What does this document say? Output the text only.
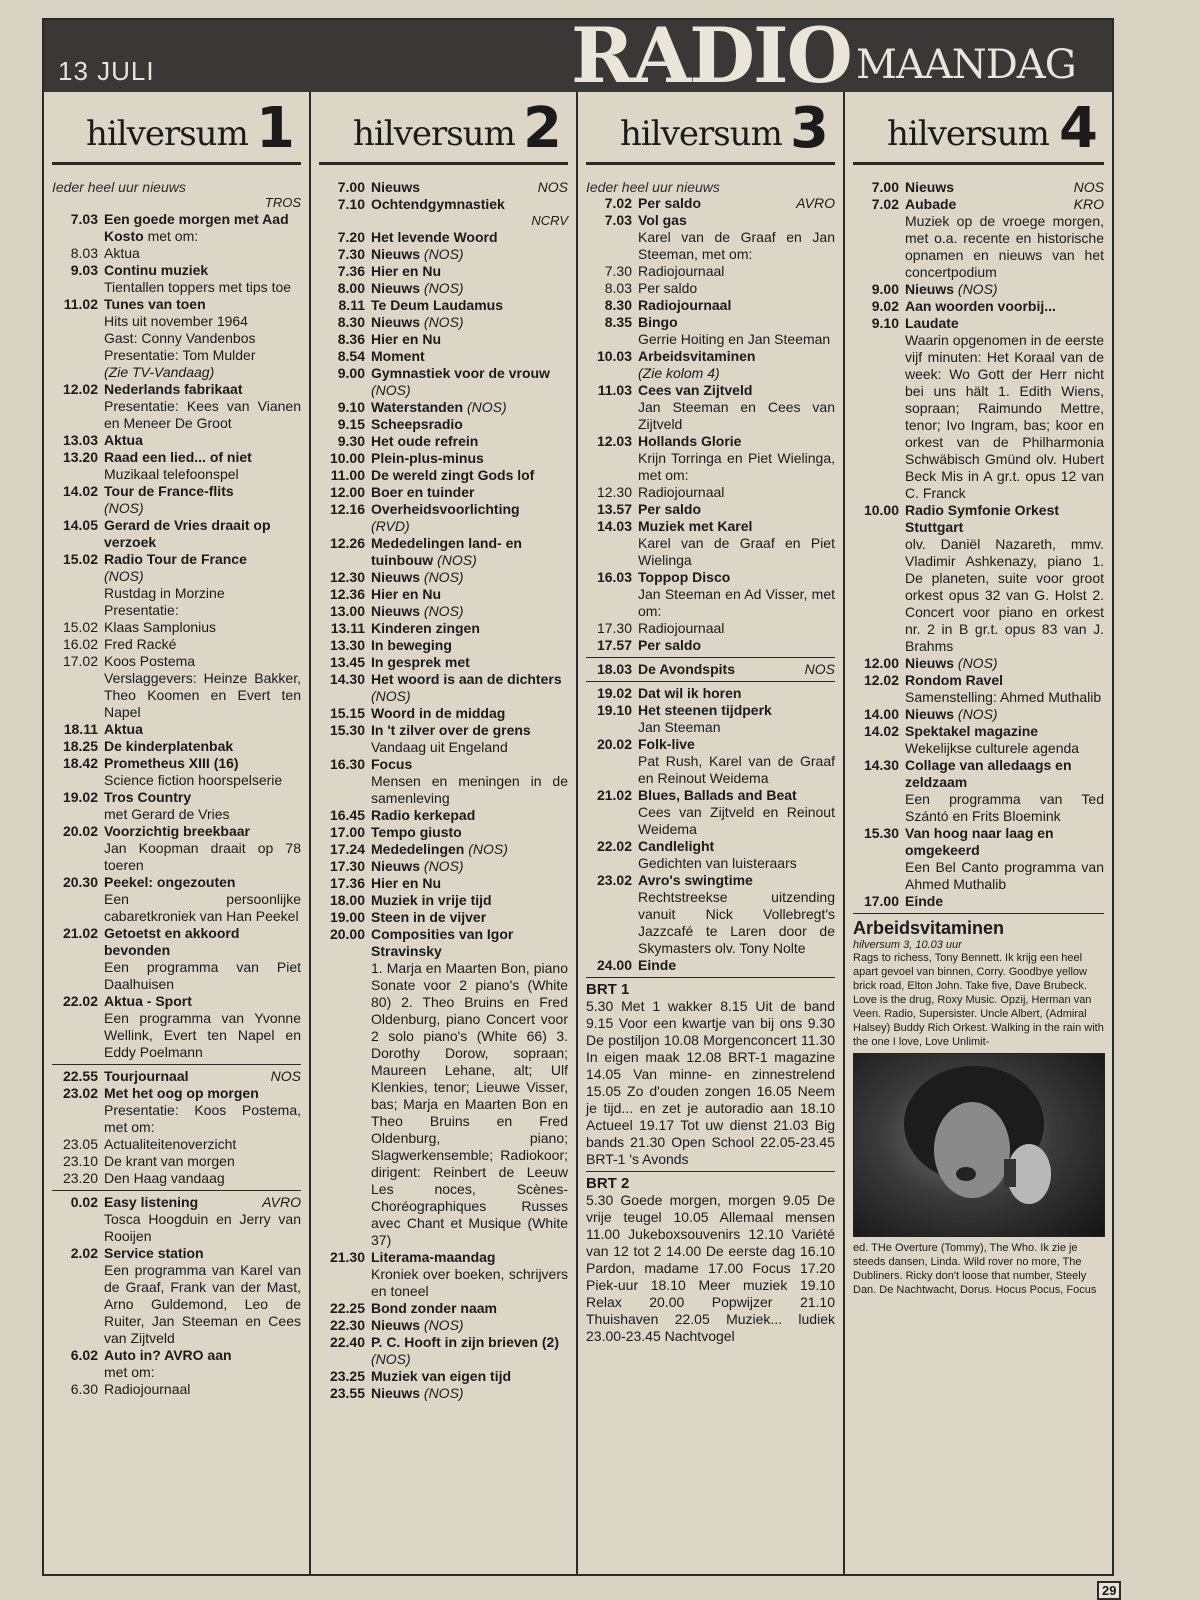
13 JULI	RADIO MAANDAG
hilversum 1
Ieder heel uur nieuws
TROS
7.03 Een goede morgen met Aad Kosto met om:
8.03 Aktua
9.03 Continu muziek
Tientallen toppers met tips toe
11.02 Tunes van toen
Hits uit november 1964
Gast: Conny Vandenbos
Presentatie: Tom Mulder
(Zie TV-Vandaag)
12.02 Nederlands fabrikaat
Presentatie: Kees van Vianen en Meneer De Groot
13.03 Aktua
13.20 Raad een lied... of niet
Muzikaal telefoonspel
14.02 Tour de France-flits
(NOS)
14.05 Gerard de Vries draait op verzoek
15.02 Radio Tour de France
(NOS)
Rustdag in Morzine
Presentatie:
15.02 Klaas Samplonius
16.02 Fred Racké
17.02 Koos Postema
Verslaggevers: Heinze Bakker, Theo Koomen en Evert ten Napel
18.11 Aktua
18.25 De kinderplatenbak
18.42 Prometheus XIII (16)
Science fiction hoorspelserie
19.02 Tros Country
met Gerard de Vries
20.02 Voorzichtig breekbaar
Jan Koopman draait op 78 toeren
20.30 Peekel: ongezouten
Een persoonlijke cabaretkroniek van Han Peekel
21.02 Getoetst en akkoord bevonden
Een programma van Piet Daalhuisen
22.02 Aktua - Sport
Een programma van Yvonne Wellink, Evert ten Napel en Eddy Poelmann
22.55 Tourjournaal	NOS
23.02 Met het oog op morgen
Presentatie: Koos Postema, met om:
23.05 Actualiteitenoverzicht
23.10 De krant van morgen
23.20 Den Haag vandaag
0.02 Easy listening	AVRO
Tosca Hoogduin en Jerry van Rooijen
2.02 Service station
Een programma van Karel van de Graaf, Frank van der Mast, Arno Guldemond, Leo de Ruiter, Jan Steeman en Cees van Zijtveld
6.02 Auto in? AVRO aan
met om:
6.30 Radiojournaal
hilversum 2
7.00 Nieuws	NOS
7.10 Ochtendgymnastiek
NCRV
7.20 Het levende Woord
7.30 Nieuws (NOS)
7.36 Hier en Nu
8.00 Nieuws (NOS)
8.11 Te Deum Laudamus
8.30 Nieuws (NOS)
8.36 Hier en Nu
8.54 Moment
9.00 Gymnastiek voor de vrouw (NOS)
9.10 Waterstanden (NOS)
9.15 Scheepsradio
9.30 Het oude refrein
10.00 Plein-plus-minus
11.00 De wereld zingt Gods lof
12.00 Boer en tuinder
12.16 Overheidsvoorlichting
(RVD)
12.26 Mededelingen land- en tuinbouw (NOS)
12.30 Nieuws (NOS)
12.36 Hier en Nu
13.00 Nieuws (NOS)
13.11 Kinderen zingen
13.30 In beweging
13.45 In gesprek met
14.30 Het woord is aan de dichters (NOS)
15.15 Woord in de middag
15.30 In 't zilver over de grens
Vandaag uit Engeland
16.30 Focus
Mensen en meningen in de samenleving
16.45 Radio kerkepad
17.00 Tempo giusto
17.24 Mededelingen (NOS)
17.30 Nieuws (NOS)
17.36 Hier en Nu
18.00 Muziek in vrije tijd
19.00 Steen in de vijver
20.00 Composities van Igor Stravinsky
1. Marja en Maarten Bon, piano Sonate voor 2 piano's (White 80) 2. Theo Bruins en Fred Oldenburg, piano Concert voor 2 solo piano's (White 66) 3. Dorothy Dorow, sopraan; Maureen Lehane, alt; Ulf Klenkies, tenor; Lieuwe Visser, bas; Marja en Maarten Bon en Theo Bruins en Fred Oldenburg, piano; Slagwerkensemble; Radiokoor; dirigent: Reinbert de Leeuw Les noces, Scènes-Choréographiques Russes avec Chant et Musique (White 37)
21.30 Literama-maandag
Kroniek over boeken, schrijvers en toneel
22.25 Bond zonder naam
22.30 Nieuws (NOS)
22.40 P. C. Hooft in zijn brieven (2) (NOS)
23.25 Muziek van eigen tijd
23.55 Nieuws (NOS)
hilversum 3
Ieder heel uur nieuws
7.02 Per saldo	AVRO
7.03 Vol gas
Karel van de Graaf en Jan Steeman, met om:
7.30 Radiojournaal
8.03 Per saldo
8.30 Radiojournaal
8.35 Bingo
Gerrie Hoiting en Jan Steeman
10.03 Arbeidsvitaminen
(Zie kolom 4)
11.03 Cees van Zijtveld
Jan Steeman en Cees van Zijtveld
12.03 Hollands Glorie
Krijn Torringa en Piet Wielinga, met om:
12.30 Radiojournaal
13.57 Per saldo
14.03 Muziek met Karel
Karel van de Graaf en Piet Wielinga
16.03 Toppop Disco
Jan Steeman en Ad Visser, met om:
17.30 Radiojournaal
17.57 Per saldo
18.03 De Avondspits	NOS
19.02 Dat wil ik horen
19.10 Het steenen tijdperk
Jan Steeman
20.02 Folk-live
Pat Rush, Karel van de Graaf en Reinout Weidema
21.02 Blues, Ballads and Beat
Cees van Zijtveld en Reinout Weidema
22.02 Candlelight
Gedichten van luisteraars
23.02 Avro's swingtime
Rechtstreekse uitzending vanuit Nick Vollebregt's Jazzcafé te Laren door de Skymasters olv. Tony Nolte
24.00 Einde
BRT 1

5.30 Met 1 wakker 8.15 Uit de band 9.15 Voor een kwartje van bij ons 9.30 De postiljon 10.08 Morgenconcert 11.30 In eigen maak 12.08 BRT-1 magazine 14.05 Van minne- en zinnestrelend 15.05 Zo d'ouden zongen 16.05 Neem je tijd... en zet je autoradio aan 18.10 Actueel 19.17 Tot uw dienst 21.03 Big bands 21.30 Open School 22.05-23.45 BRT-1 's Avonds

BRT 2

5.30 Goede morgen, morgen 9.05 De vrije teugel 10.05 Allemaal mensen 11.00 Jukeboxsouvenirs 12.10 Variété van 12 tot 2 14.00 De eerste dag 16.10 Pardon, madame 17.00 Focus 17.20 Piek-uur 18.10 Meer muziek 19.10 Relax 20.00 Popwijzer 21.10 Thuishaven 22.05 Muziek... ludiek 23.00-23.45 Nachtvogel

hilversum 4
7.00 Nieuws	NOS
7.02 Aubade	KRO
Muziek op de vroege morgen, met o.a. recente en historische opnamen en nieuws van het concertpodium
9.00 Nieuws (NOS)
9.02 Aan woorden voorbij...
9.10 Laudate
Waarin opgenomen in de eerste vijf minuten: Het Koraal van de week: Wo Gott der Herr nicht bei uns hält 1. Edith Wiens, sopraan; Raimundo Mettre, tenor; Ivo Ingram, bas; koor en orkest van de Philharmonia Schwäbisch Gmünd olv. Hubert Beck Mis in A gr.t. opus 12 van C. Franck
10.00 Radio Symfonie Orkest Stuttgart
olv. Daniël Nazareth, mmv. Vladimir Ashkenazy, piano 1. De planeten, suite voor groot orkest opus 32 van G. Holst 2. Concert voor piano en orkest nr. 2 in B gr.t. opus 83 van J. Brahms
12.00 Nieuws (NOS)
12.02 Rondom Ravel
Samenstelling: Ahmed Muthalib
14.00 Nieuws (NOS)
14.02 Spektakel magazine
Wekelijkse culturele agenda
14.30 Collage van alledaags en zeldzaam
Een programma van Ted Szántó en Frits Bloemink
15.30 Van hoog naar laag en omgekeerd
Een Bel Canto programma van Ahmed Muthalib
17.00 Einde
Arbeidsvitaminen
hilversum 3, 10.03 uur
Rags to richess, Tony Bennett. Ik krijg een heel apart gevoel van binnen, Corry. Goodbye yellow brick road, Elton John. Take five, Dave Brubeck. Love is the drug, Roxy Music. Opzij, Herman van Veen. Radio, Supersister. Uncle Albert, (Admiral Halsey) Buddy Rich Orkest. Walking in the rain with the one I love, Love Unlimit-
ed. THe Overture (Tommy), The Who. Ik zie je steeds dansen, Linda. Wild rover no more, The Dubliners. Ricky don't loose that number, Steely Dan. De Nachtwacht, Dorus. Hocus Pocus, Focus
29
